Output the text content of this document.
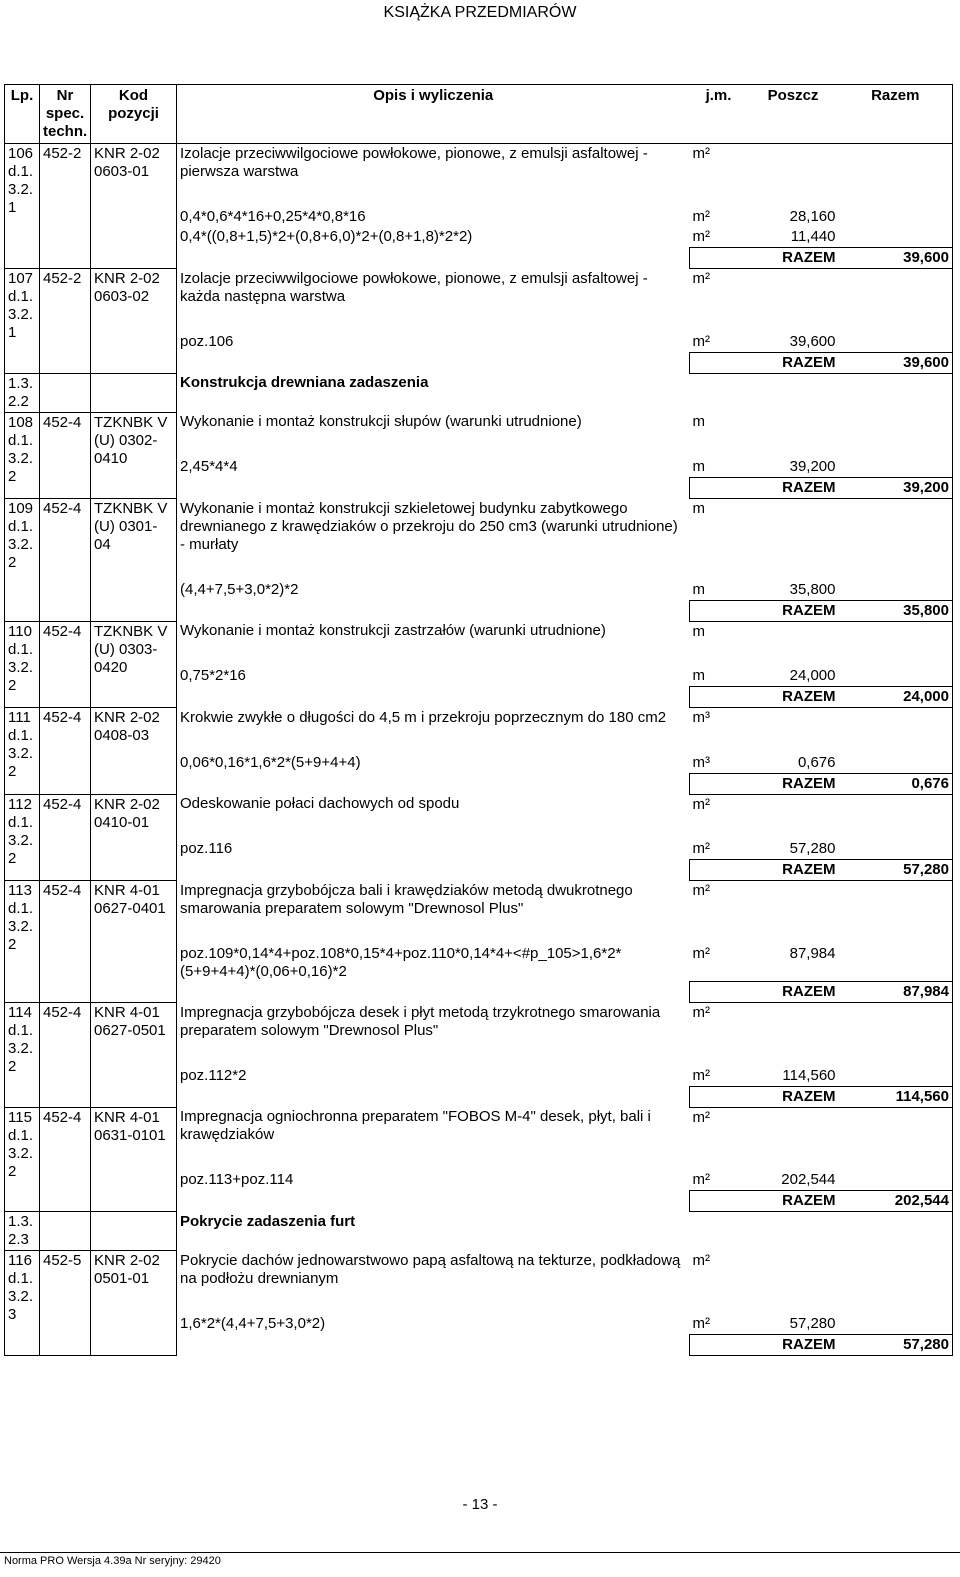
KSIĄŻKA PRZEDMIARÓW
Lp.	Nr spec. techn.	Kod pozycji	Opis i wyliczenia	j.m.	Poszcz	Razem
106 d.1. 3.2. 1	452-2	KNR 2-02 0603-01	Izolacje przeciwwilgociowe powłokowe, pionowe, z emulsji asfaltowej - pierwsza warstwa	m²		
			0,4*0,6*4*16+0,25*4*0,8*16	m²	28,160	
			0,4*((0,8+1,5)*2+(0,8+6,0)*2+(0,8+1,8)*2*2)	m²	11,440	
				RAZEM		39,600
107 d.1. 3.2. 1	452-2	KNR 2-02 0603-02	Izolacje przeciwwilgociowe powłokowe, pionowe, z emulsji asfaltowej - każda następna warstwa	m²		
			poz.106	m²	39,600	
				RAZEM		39,600
1.3. 2.2			Konstrukcja drewniana zadaszenia			
108 d.1. 3.2. 2	452-4	TZKNBK V (U) 0302-0410	Wykonanie i montaż konstrukcji słupów (warunki utrudnione)	m		
			2,45*4*4	m	39,200	
				RAZEM		39,200
109 d.1. 3.2. 2	452-4	TZKNBK V (U) 0301-04	Wykonanie i montaż konstrukcji szkieletowej budynku zabytkowego drewnianego z krawędziaków o przekroju do 250 cm3 (warunki utrudnione) - murłaty	m		
			(4,4+7,5+3,0*2)*2	m	35,800	
				RAZEM		35,800
110 d.1. 3.2. 2	452-4	TZKNBK V (U) 0303-0420	Wykonanie i montaż konstrukcji zastrzałów (warunki utrudnione)	m		
			0,75*2*16	m	24,000	
				RAZEM		24,000
111 d.1. 3.2. 2	452-4	KNR 2-02 0408-03	Krokwie zwykłe o długości do 4,5 m i przekroju poprzecznym do 180 cm2	m³		
			0,06*0,16*1,6*2*(5+9+4+4)	m³	0,676	
				RAZEM		0,676
112 d.1. 3.2. 2	452-4	KNR 2-02 0410-01	Odeskowanie połaci dachowych od spodu	m²		
			poz.116	m²	57,280	
				RAZEM		57,280
113 d.1. 3.2. 2	452-4	KNR 4-01 0627-0401	Impregnacja grzybobójcza bali i krawędziaków metodą dwukrotnego smarowania preparatem solowym "Drewnosol Plus"	m²		
			poz.109*0,14*4+poz.108*0,15*4+poz.110*0,14*4+<#p_105>1,6*2*(5+9+4+4)*(0,06+0,16)*2	m²	87,984	
				RAZEM		87,984
114 d.1. 3.2. 2	452-4	KNR 4-01 0627-0501	Impregnacja grzybobójcza desek i płyt metodą trzykrotnego smarowania preparatem solowym "Drewnosol Plus"	m²		
			poz.112*2	m²	114,560	
				RAZEM		114,560
115 d.1. 3.2. 2	452-4	KNR 4-01 0631-0101	Impregnacja ogniochronna preparatem "FOBOS M-4" desek, płyt, bali i krawędziaków	m²		
			poz.113+poz.114	m²	202,544	
				RAZEM		202,544
1.3. 2.3			Pokrycie zadaszenia furt			
116 d.1. 3.2. 3	452-5	KNR 2-02 0501-01	Pokrycie dachów jednowarstwowo papą asfaltową na tekturze, podkładową na podłożu drewnianym	m²		
			1,6*2*(4,4+7,5+3,0*2)	m²	57,280	
				RAZEM		57,280
- 13 -
Norma PRO Wersja 4.39a Nr seryjny: 29420
